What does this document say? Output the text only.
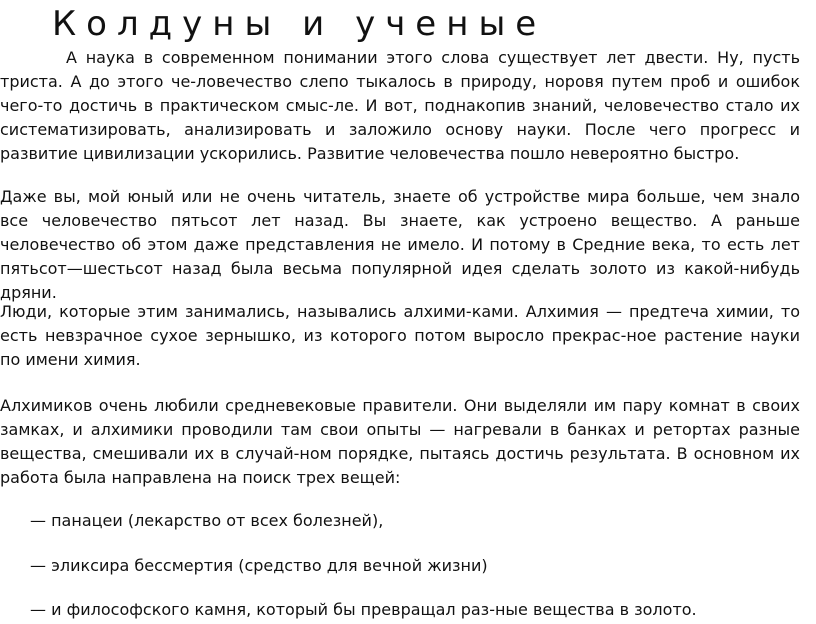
Колдуны и ученые

А наука в современном понимании этого слова существует лет двести. Ну, пусть триста. А до этого че-ловечество слепо тыкалось в природу, норовя путем проб и ошибок чего-то достичь в практическом смыс-ле. И вот, поднакопив знаний, человечество стало их систематизировать, анализировать и заложило основу науки. После чего прогресс и развитие цивилизации ускорились. Развитие человечества пошло невероятно быстро.

Даже вы, мой юный или не очень читатель, знаете об устройстве мира больше, чем знало все человечество пятьсот лет назад. Вы знаете, как устроено вещество. А раньше человечество об этом даже представления не имело. И потому в Средние века, то есть лет пятьсот—шестьсот назад была весьма популярной идея сделать золото из какой-нибудь дряни.

Люди, которые этим занимались, назывались алхими-ками. Алхимия — предтеча химии, то есть невзрачное сухое зернышко, из которого потом выросло прекрас-ное растение науки по имени химия.

Алхимиков очень любили средневековые правители. Они выделяли им пару комнат в своих замках, и алхимики проводили там свои опыты — нагревали в банках и ретортах разные вещества, смешивали их в случай-ном порядке, пытаясь достичь результата. В основном их работа была направлена на поиск трех вещей:

— панацеи (лекарство от всех болезней),

— эликсира бессмертия (средство для вечной жизни)

— и философского камня, который бы превращал раз-ные вещества в золото.
